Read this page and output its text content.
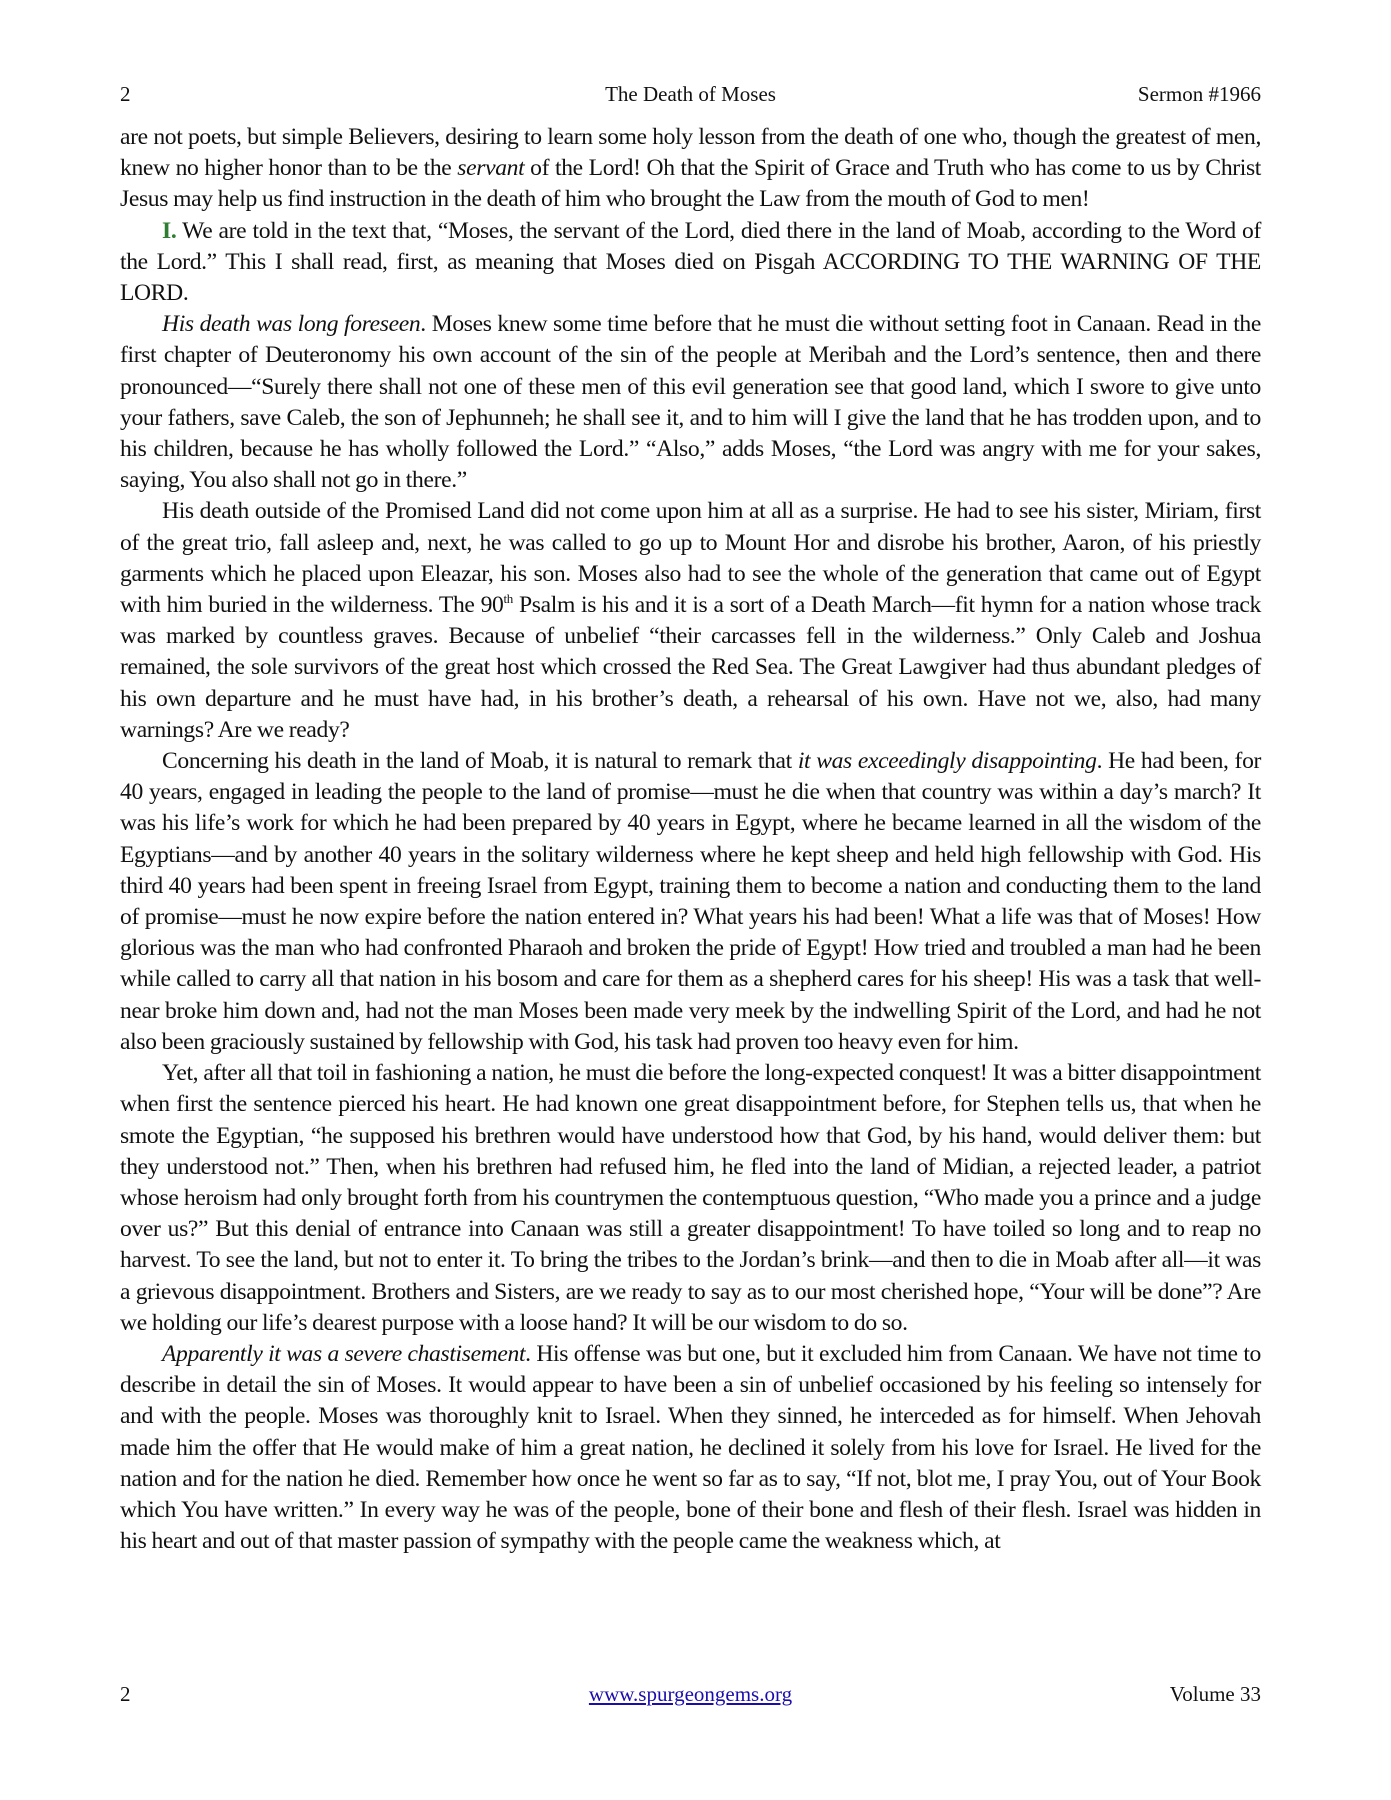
2	The Death of Moses	Sermon #1966

are not poets, but simple Believers, desiring to learn some holy lesson from the death of one who, though the greatest of men, knew no higher honor than to be the servant of the Lord! Oh that the Spirit of Grace and Truth who has come to us by Christ Jesus may help us find instruction in the death of him who brought the Law from the mouth of God to men!

I. We are told in the text that, “Moses, the servant of the Lord, died there in the land of Moab, according to the Word of the Lord.” This I shall read, first, as meaning that Moses died on Pisgah ACCORDING TO THE WARNING OF THE LORD.

His death was long foreseen. Moses knew some time before that he must die without setting foot in Canaan. Read in the first chapter of Deuteronomy his own account of the sin of the people at Meribah and the Lord’s sentence, then and there pronounced—“Surely there shall not one of these men of this evil generation see that good land, which I swore to give unto your fathers, save Caleb, the son of Jephunneh; he shall see it, and to him will I give the land that he has trodden upon, and to his children, because he has wholly followed the Lord.” “Also,” adds Moses, “the Lord was angry with me for your sakes, saying, You also shall not go in there.”

His death outside of the Promised Land did not come upon him at all as a surprise. He had to see his sister, Miriam, first of the great trio, fall asleep and, next, he was called to go up to Mount Hor and disrobe his brother, Aaron, of his priestly garments which he placed upon Eleazar, his son. Moses also had to see the whole of the generation that came out of Egypt with him buried in the wilderness. The 90th Psalm is his and it is a sort of a Death March—fit hymn for a nation whose track was marked by countless graves. Because of unbelief “their carcasses fell in the wilderness.” Only Caleb and Joshua remained, the sole survivors of the great host which crossed the Red Sea. The Great Lawgiver had thus abundant pledges of his own departure and he must have had, in his brother’s death, a rehearsal of his own. Have not we, also, had many warnings? Are we ready?

Concerning his death in the land of Moab, it is natural to remark that it was exceedingly disappointing. He had been, for 40 years, engaged in leading the people to the land of promise—must he die when that country was within a day’s march? It was his life’s work for which he had been prepared by 40 years in Egypt, where he became learned in all the wisdom of the Egyptians—and by another 40 years in the solitary wilderness where he kept sheep and held high fellowship with God. His third 40 years had been spent in freeing Israel from Egypt, training them to become a nation and conducting them to the land of promise—must he now expire before the nation entered in? What years his had been! What a life was that of Moses! How glorious was the man who had confronted Pharaoh and broken the pride of Egypt! How tried and troubled a man had he been while called to carry all that nation in his bosom and care for them as a shepherd cares for his sheep! His was a task that well-near broke him down and, had not the man Moses been made very meek by the indwelling Spirit of the Lord, and had he not also been graciously sustained by fellowship with God, his task had proven too heavy even for him.

Yet, after all that toil in fashioning a nation, he must die before the long-expected conquest! It was a bitter disappointment when first the sentence pierced his heart. He had known one great disappointment before, for Stephen tells us, that when he smote the Egyptian, “he supposed his brethren would have understood how that God, by his hand, would deliver them: but they understood not.” Then, when his brethren had refused him, he fled into the land of Midian, a rejected leader, a patriot whose heroism had only brought forth from his countrymen the contemptuous question, “Who made you a prince and a judge over us?” But this denial of entrance into Canaan was still a greater disappointment! To have toiled so long and to reap no harvest. To see the land, but not to enter it. To bring the tribes to the Jordan’s brink—and then to die in Moab after all—it was a grievous disappointment. Brothers and Sisters, are we ready to say as to our most cherished hope, “Your will be done”? Are we holding our life’s dearest purpose with a loose hand? It will be our wisdom to do so.

Apparently it was a severe chastisement. His offense was but one, but it excluded him from Canaan. We have not time to describe in detail the sin of Moses. It would appear to have been a sin of unbelief occasioned by his feeling so intensely for and with the people. Moses was thoroughly knit to Israel. When they sinned, he interceded as for himself. When Jehovah made him the offer that He would make of him a great nation, he declined it solely from his love for Israel. He lived for the nation and for the nation he died. Remember how once he went so far as to say, “If not, blot me, I pray You, out of Your Book which You have written.” In every way he was of the people, bone of their bone and flesh of their flesh. Israel was hidden in his heart and out of that master passion of sympathy with the people came the weakness which, at

2	www.spurgeongems.org	Volume 33
